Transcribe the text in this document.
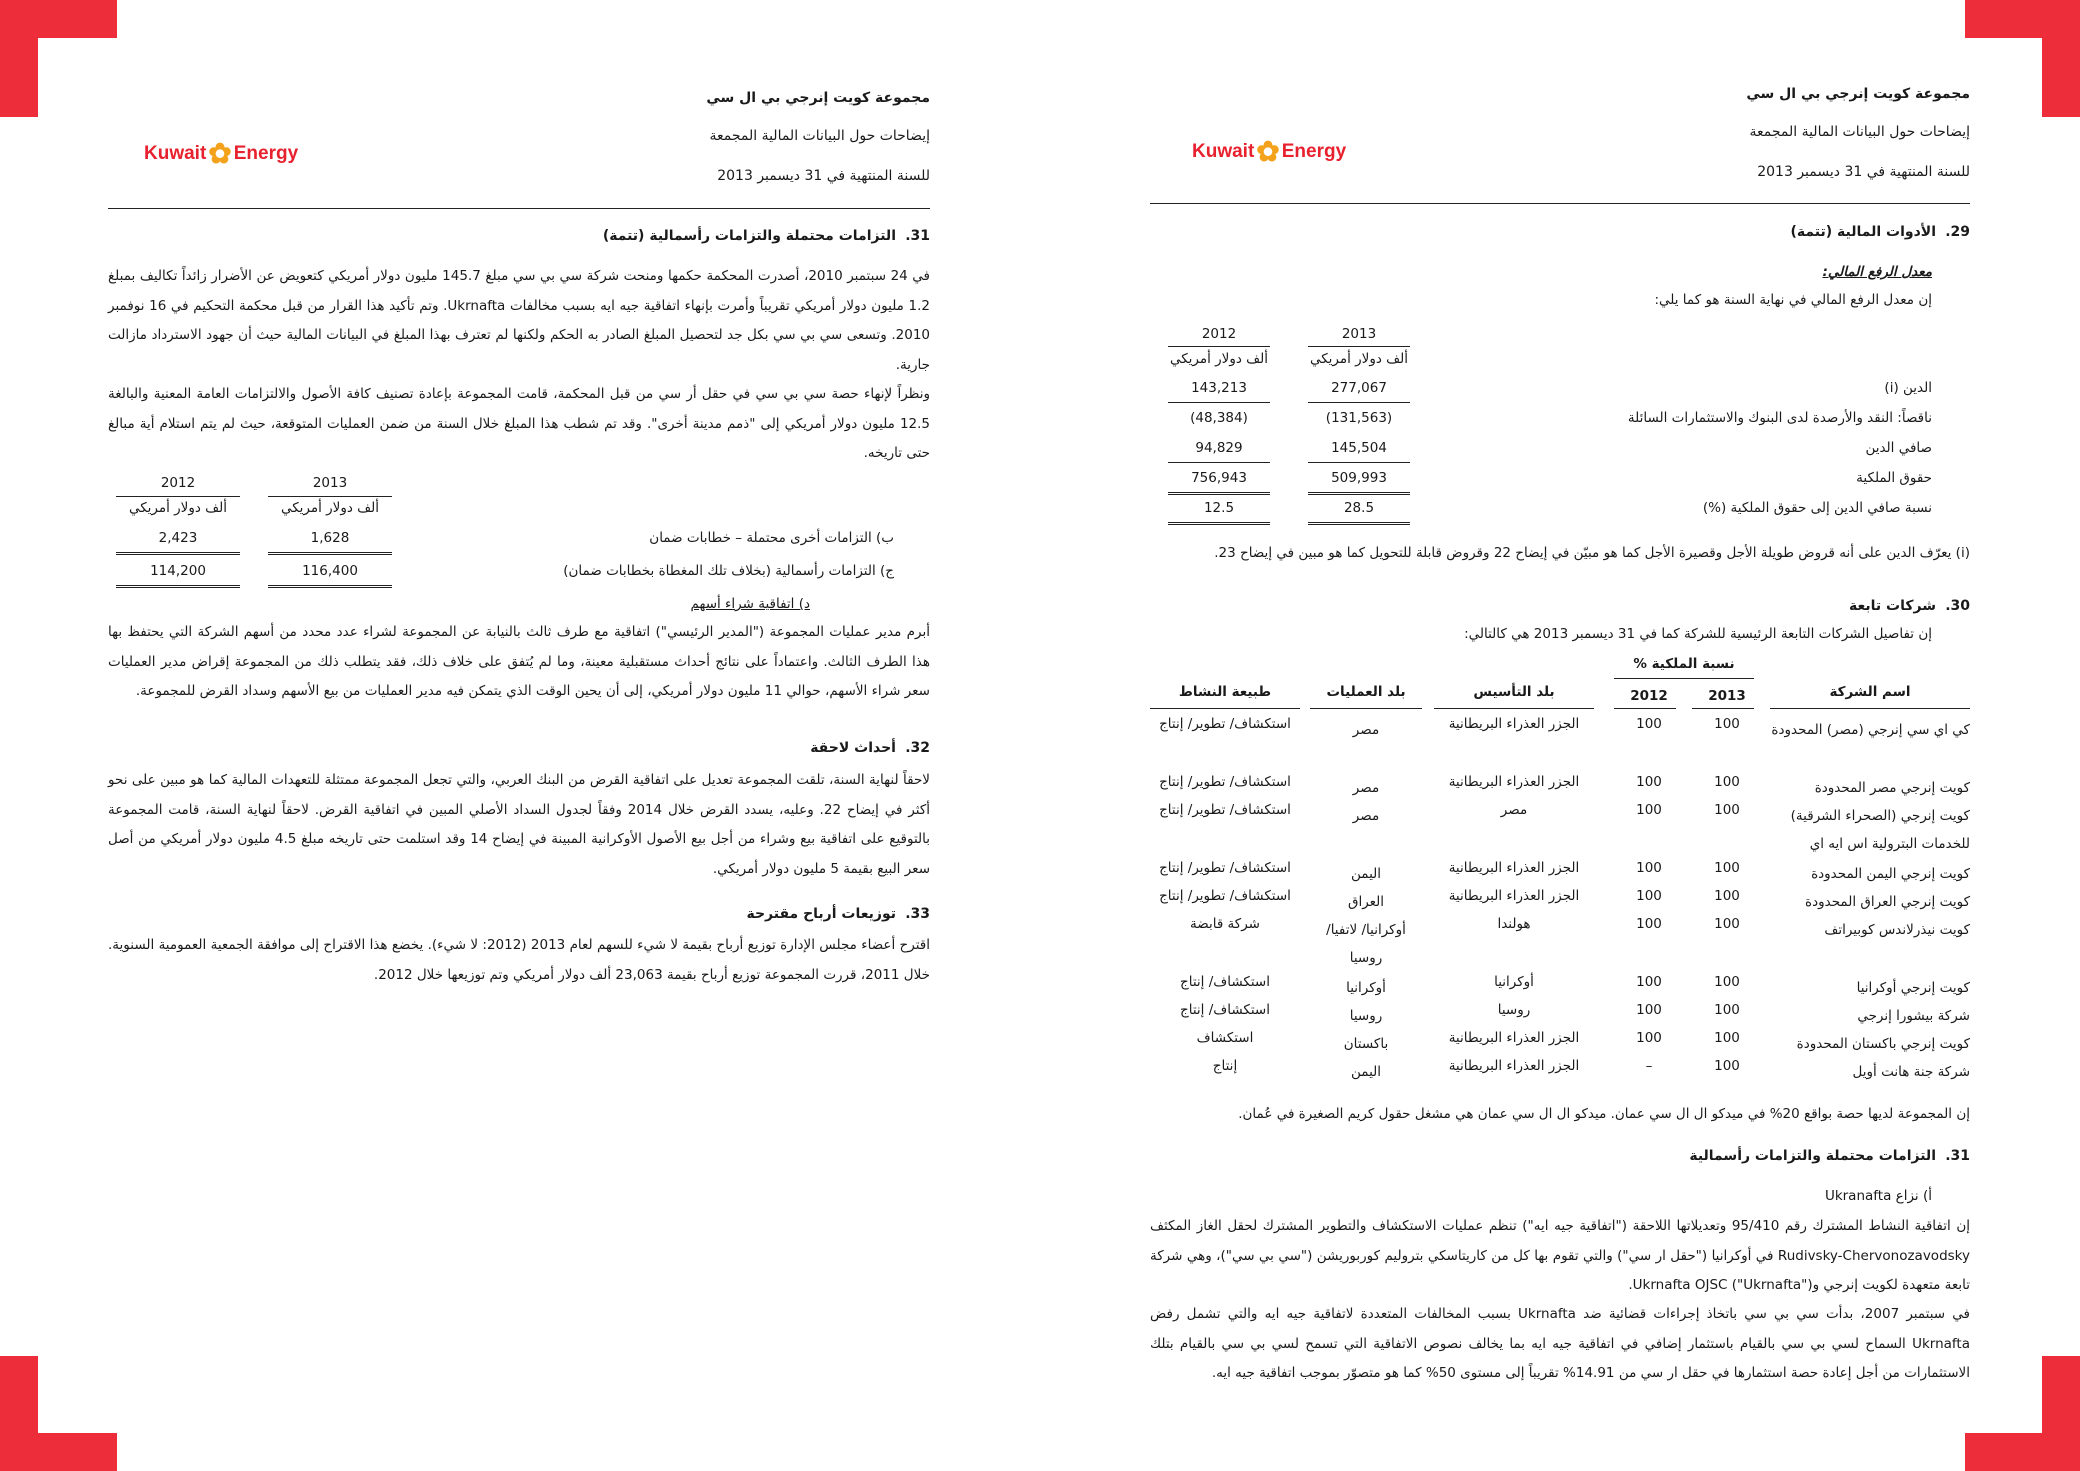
مجموعة كويت إنرجي بي ال سي
إيضاحات حول البيانات المالية المجمعة
للسنة المنتهية في 31 ديسمبر 2013
Kuwait ✿ Energy
31.التزامات محتملة والتزامات رأسمالية (تتمة)
في 24 سبتمبر 2010، أصدرت المحكمة حكمها ومنحت شركة سي بي سي مبلغ 145.7 مليون دولار أمريكي كتعويض عن الأضرار زائداً تكاليف بمبلغ 1.2 مليون دولار أمريكي تقريباً وأمرت بإنهاء اتفاقية جيه ايه بسبب مخالفات Ukrnafta. وتم تأكيد هذا القرار من قبل محكمة التحكيم في 16 نوفمبر 2010. وتسعى سي بي سي بكل جد لتحصيل المبلغ الصادر به الحكم ولكنها لم تعترف بهذا المبلغ في البيانات المالية حيث أن جهود الاسترداد مازالت جارية.
ونظراً لإنهاء حصة سي بي سي في حقل أر سي من قبل المحكمة، قامت المجموعة بإعادة تصنيف كافة الأصول والالتزامات العامة المعنية والبالغة 12.5 مليون دولار أمريكي إلى "ذمم مدينة أخرى". وقد تم شطب هذا المبلغ خلال السنة من ضمن العمليات المتوقعة، حيث لم يتم استلام أية مبالغ حتى تاريخه.
2013
2012
ألف دولار أمريكي
ألف دولار أمريكي
ب) التزامات أخرى محتملة – خطابات ضمان
1,628
2,423
ج) التزامات رأسمالية (بخلاف تلك المغطاة بخطابات ضمان)
116,400
114,200
د) اتفاقية شراء أسهم
أبرم مدير عمليات المجموعة ("المدير الرئيسي") اتفاقية مع طرف ثالث بالنيابة عن المجموعة لشراء عدد محدد من أسهم الشركة التي يحتفظ بها هذا الطرف الثالث. واعتماداً على نتائج أحداث مستقبلية معينة، وما لم يُتفق على خلاف ذلك، فقد يتطلب ذلك من المجموعة إقراض مدير العمليات سعر شراء الأسهم، حوالي 11 مليون دولار أمريكي، إلى أن يحين الوقت الذي يتمكن فيه مدير العمليات من بيع الأسهم وسداد القرض للمجموعة.
32.أحداث لاحقة
لاحقاً لنهاية السنة، تلقت المجموعة تعديل على اتفاقية القرض من البنك العربي، والتي تجعل المجموعة ممتثلة للتعهدات المالية كما هو مبين على نحو أكثر في إيضاح 22. وعليه، يسدد القرض خلال 2014 وفقاً لجدول السداد الأصلي المبين في اتفاقية القرض. لاحقاً لنهاية السنة، قامت المجموعة بالتوقيع على اتفاقية بيع وشراء من أجل بيع الأصول الأوكرانية المبينة في إيضاح 14 وقد استلمت حتى تاريخه مبلغ 4.5 مليون دولار أمريكي من أصل سعر البيع بقيمة 5 مليون دولار أمريكي.
33.توزيعات أرباح مقترحة
اقترح أعضاء مجلس الإدارة توزيع أرباح بقيمة لا شيء للسهم لعام 2013 (2012: لا شيء). يخضع هذا الاقتراح إلى موافقة الجمعية العمومية السنوية. خلال 2011، قررت المجموعة توزيع أرباح بقيمة 23,063 ألف دولار أمريكي وتم توزيعها خلال 2012.
مجموعة كويت إنرجي بي ال سي
إيضاحات حول البيانات المالية المجمعة
للسنة المنتهية في 31 ديسمبر 2013
Kuwait ✿ Energy
29.الأدوات المالية (تتمة)
معدل الرفع المالي:
إن معدل الرفع المالي في نهاية السنة هو كما يلي:
2013
2012
ألف دولار أمريكي
ألف دولار أمريكي
الدين (i)
277,067
143,213
ناقصاً: النقد والأرصدة لدى البنوك والاستثمارات السائلة
(131,563)
(48,384)
صافي الدين
145,504
94,829
حقوق الملكية
509,993
756,943
نسبة صافي الدين إلى حقوق الملكية (%)
28.5
12.5
(i) يعرّف الدين على أنه قروض طويلة الأجل وقصيرة الأجل كما هو مبيّن في إيضاح 22 وقروض قابلة للتحويل كما هو مبين في إيضاح 23.
30.شركات تابعة
إن تفاصيل الشركات التابعة الرئيسية للشركة كما في 31 ديسمبر 2013 هي كالتالي:
نسبة الملكية %
اسم الشركة
2013
2012
بلد التأسيس
بلد العمليات
طبيعة النشاط
كي اي سي إنرجي (مصر) المحدودة
100
100
الجزر العذراء البريطانية
مصر
استكشاف/ تطوير/ إنتاج
كويت إنرجي مصر المحدودة
100
100
الجزر العذراء البريطانية
مصر
استكشاف/ تطوير/ إنتاج
كويت إنرجي (الصحراء الشرقية) للخدمات البترولية اس ايه اي
100
100
مصر
مصر
استكشاف/ تطوير/ إنتاج
كويت إنرجي اليمن المحدودة
100
100
الجزر العذراء البريطانية
اليمن
استكشاف/ تطوير/ إنتاج
كويت إنرجي العراق المحدودة
100
100
الجزر العذراء البريطانية
العراق
استكشاف/ تطوير/ إنتاج
كويت نيذرلاندس كوبيراتف
100
100
هولندا
أوكرانيا/ لاتفيا/روسيا
شركة قابضة
كويت إنرجي أوكرانيا
100
100
أوكرانيا
أوكرانيا
استكشاف/ إنتاج
شركة بيشورا إنرجي
100
100
روسيا
روسيا
استكشاف/ إنتاج
كويت إنرجي باكستان المحدودة
100
100
الجزر العذراء البريطانية
باكستان
استكشاف
شركة جنة هانت أويل
100
–
الجزر العذراء البريطانية
اليمن
إنتاج
إن المجموعة لديها حصة بواقع 20% في ميدكو ال ال سي عمان. ميدكو ال ال سي عمان هي مشغل حقول كريم الصغيرة في عُمان.
31.التزامات محتملة والتزامات رأسمالية
أ) نزاع Ukranafta
إن اتفاقية النشاط المشترك رقم 95/410 وتعديلاتها اللاحقة ("اتفاقية جيه ايه") تنظم عمليات الاستكشاف والتطوير المشترك لحقل الغاز المكثف Rudivsky-Chervonozavodsky في أوكرانيا ("حقل ار سي") والتي تقوم بها كل من كاريتاسكي بتروليم كوربوريشن ("سي بي سي")، وهي شركة تابعة متعهدة لكويت إنرجي وUkrnafta OJSC ("Ukrnafta").
في سبتمبر 2007، بدأت سي بي سي باتخاذ إجراءات قضائية ضد Ukrnafta بسبب المخالفات المتعددة لاتفاقية جيه ايه والتي تشمل رفض Ukrnafta السماح لسي بي سي بالقيام باستثمار إضافي في اتفاقية جيه ايه بما يخالف نصوص الاتفاقية التي تسمح لسي بي سي بالقيام بتلك الاستثمارات من أجل إعادة حصة استثمارها في حقل ار سي من 14.91% تقريباً إلى مستوى 50% كما هو متصوّر بموجب اتفاقية جيه ايه.
